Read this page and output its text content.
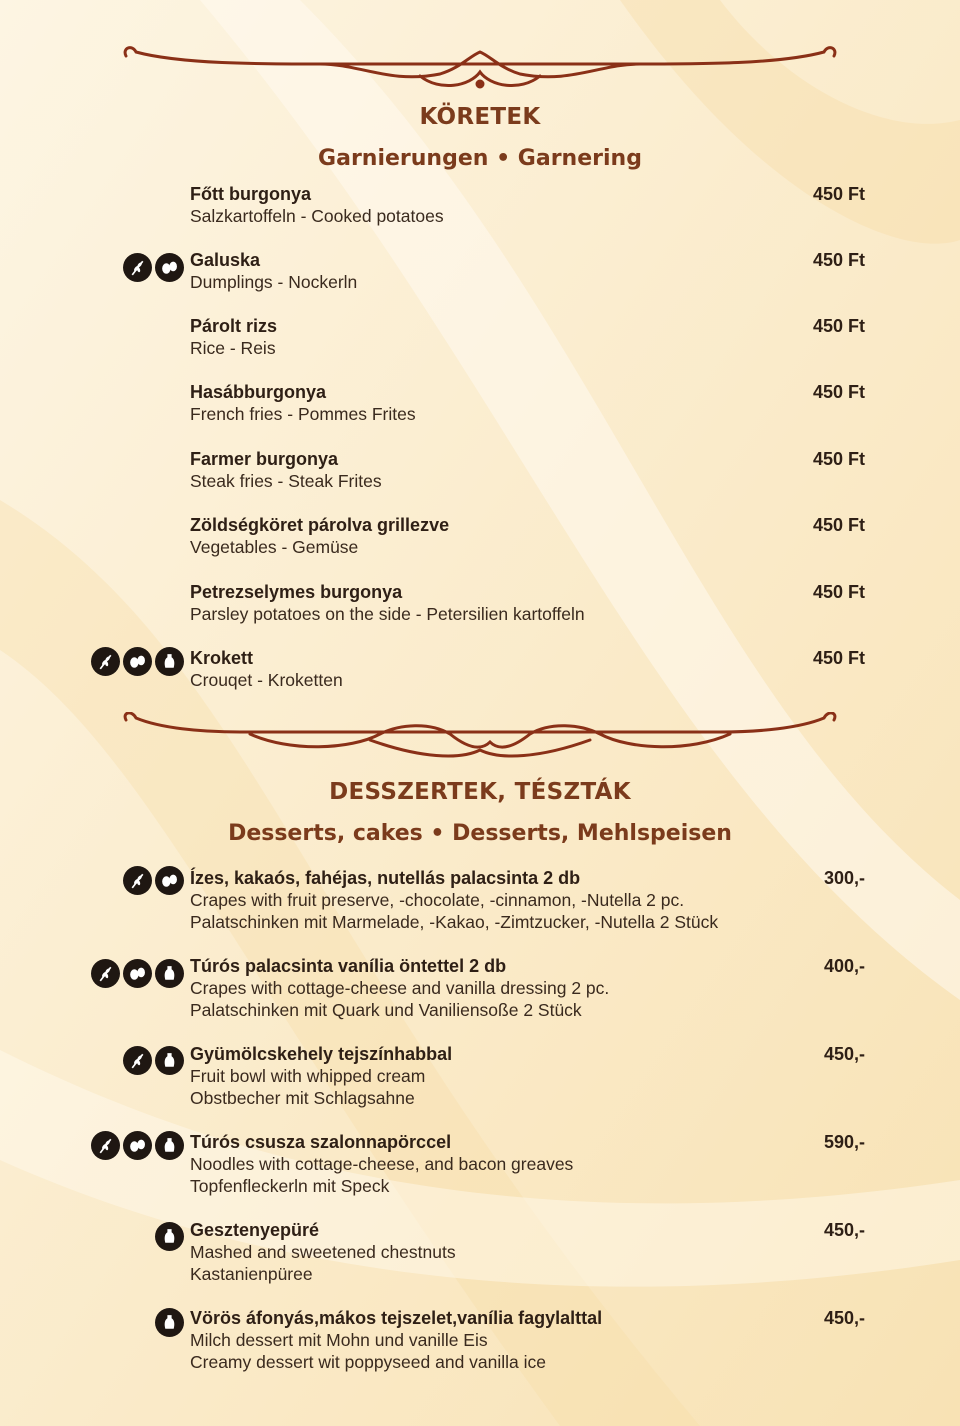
KÖRETEK
Garnierungen • Garnering
DESSZERTEK, TÉSZTÁK
Desserts, cakes • Desserts, Mehlspeisen
Főtt burgonya	450 Ft
Salzkartoffeln - Cooked potatoes
Galuska	450 Ft
Dumplings - Nockerln
Párolt rizs	450 Ft
Rice - Reis
Hasábburgonya	450 Ft
French fries - Pommes Frites
Farmer burgonya	450 Ft
Steak fries - Steak Frites
Zöldségköret párolva grillezve	450 Ft
Vegetables - Gemüse
Petrezselymes burgonya	450 Ft
Parsley potatoes on the side - Petersilien kartoffeln
Krokett	450 Ft
Crouqet - Kroketten
Ízes, kakaós, fahéjas, nutellás palacsinta 2 db	300,-
Crapes with fruit preserve, -chocolate, -cinnamon, -Nutella 2 pc.
Palatschinken mit Marmelade, -Kakao, -Zimtzucker, -Nutella 2 Stück
Túrós palacsinta vanília öntettel 2 db	400,-
Crapes with cottage-cheese and vanilla dressing 2 pc.
Palatschinken mit Quark und Vaniliensoße 2 Stück
Gyümölcskehely tejszínhabbal	450,-
Fruit bowl with whipped cream
Obstbecher mit Schlagsahne
Túrós csusza szalonnapörccel	590,-
Noodles with cottage-cheese, and bacon greaves
Topfenfleckerln mit Speck
Gesztenyepüré	450,-
Mashed and sweetened chestnuts
Kastanienpüree
Vörös áfonyás,mákos tejszelet,vanília fagylalttal	450,-
Milch dessert mit Mohn und vanille Eis
Creamy dessert wit poppyseed and vanilla ice
